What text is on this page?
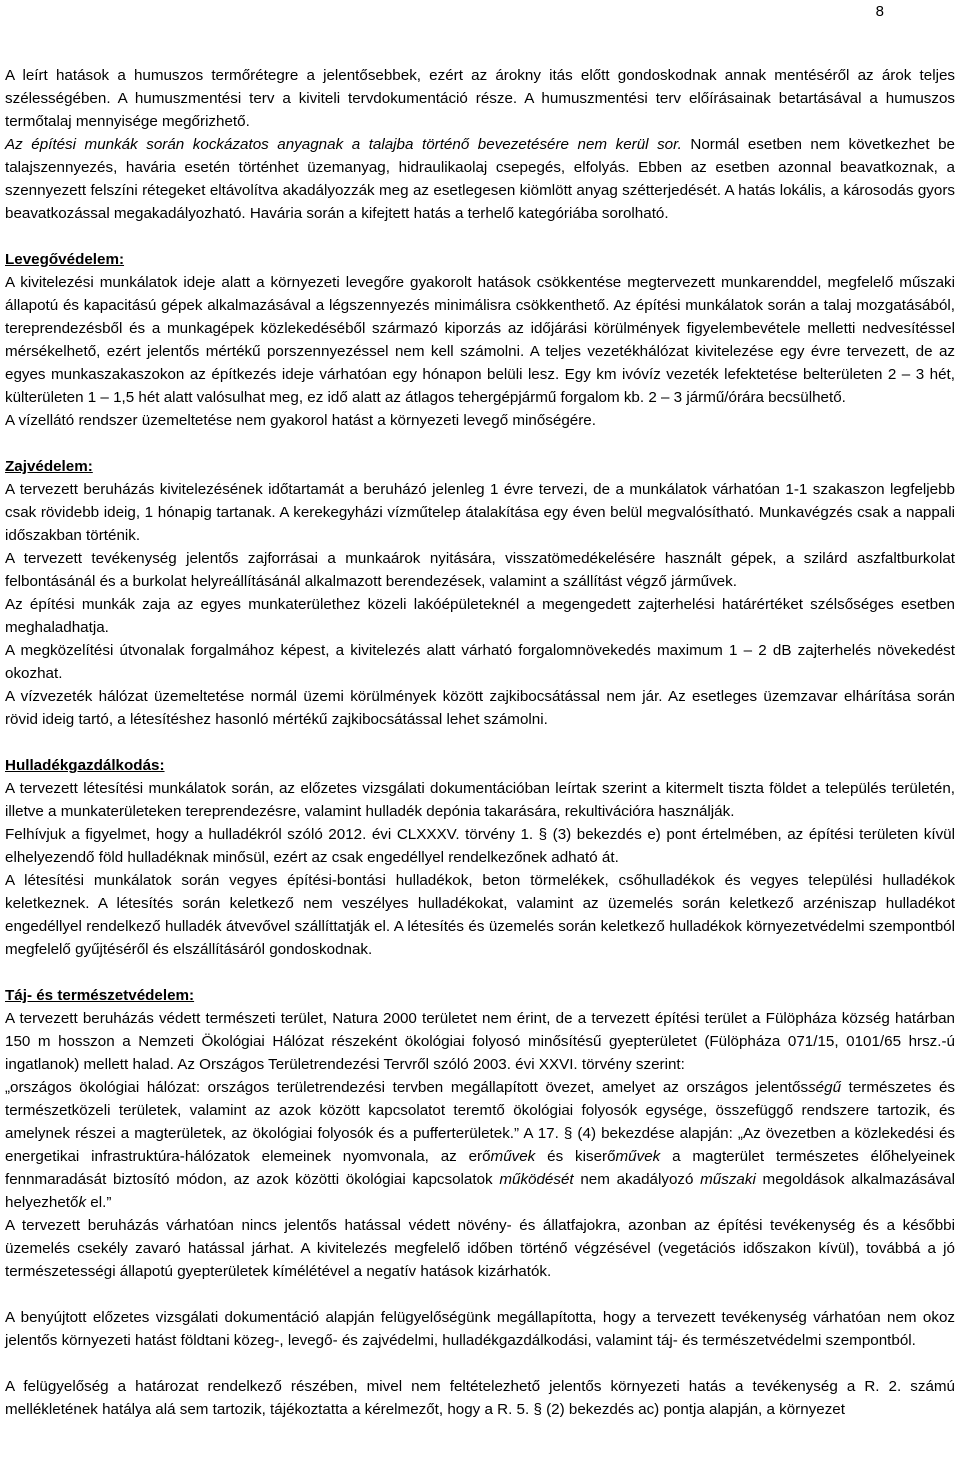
8

A leírt hatások a humuszos termőrétegre a jelentősebbek, ezért az árokny itás előtt gondoskodnak annak mentéséről az árok teljes szélességében. A humuszmentési terv a kiviteli tervdokumentáció része. A humuszmentési terv előírásainak betartásával a humuszos termőtalaj mennyisége megőrizhető.

Az építési munkák során kockázatos anyagnak a talajba történő bevezetésére nem kerül sor. Normál esetben nem következhet be talajszennyezés, havária esetén történhet üzemanyag, hidraulikaolaj csepegés, elfolyás. Ebben az esetben azonnal beavatkoznak, a szennyezett felszíni rétegeket eltávolítva akadályozzák meg az esetlegesen kiömlött anyag szétterjedését. A hatás lokális, a károsodás gyors beavatkozással megakadályozható. Havária során a kifejtett hatás a terhelő kategóriába sorolható.

Levegővédelem:

A kivitelezési munkálatok ideje alatt a környezeti levegőre gyakorolt hatások csökkentése megtervezett munkarenddel, megfelelő műszaki állapotú és kapacitású gépek alkalmazásával a légszennyezés minimálisra csökkenthető. Az építési munkálatok során a talaj mozgatásából, tereprendezésből és a munkagépek közlekedéséből származó kiporzás az időjárási körülmények figyelembevétele melletti nedvesítéssel mérsékelhető, ezért jelentős mértékű porszennyezéssel nem kell számolni. A teljes vezetékhálózat kivitelezése egy évre tervezett, de az egyes munkaszakaszokon az építkezés ideje várhatóan egy hónapon belüli lesz. Egy km ivóvíz vezeték lefektetése belterületen 2 – 3 hét, külterületen 1 – 1,5 hét alatt valósulhat meg, ez idő alatt az átlagos tehergépjármű forgalom kb. 2 – 3 jármű/órára becsülhető.

A vízellátó rendszer üzemeltetése nem gyakorol hatást a környezeti levegő minőségére.

Zajvédelem:

A tervezett beruházás kivitelezésének időtartamát a beruházó jelenleg 1 évre tervezi, de a munkálatok várhatóan 1-1 szakaszon legfeljebb csak rövidebb ideig, 1 hónapig tartanak. A kerekegyházi vízműtelep átalakítása egy éven belül megvalósítható. Munkavégzés csak a nappali időszakban történik.

A tervezett tevékenység jelentős zajforrásai a munkaárok nyitására, visszatömedékelésére használt gépek, a szilárd aszfaltburkolat felbontásánál és a burkolat helyreállításánál alkalmazott berendezések, valamint a szállítást végző járművek.

Az építési munkák zaja az egyes munkaterülethez közeli lakóépületeknél a megengedett zajterhelési határértéket szélsőséges esetben meghaladhatja.

A megközelítési útvonalak forgalmához képest, a kivitelezés alatt várható forgalomnövekedés maximum 1 – 2 dB zajterhelés növekedést okozhat.

A vízvezeték hálózat üzemeltetése normál üzemi körülmények között zajkibocsátással nem jár. Az esetleges üzemzavar elhárítása során rövid ideig tartó, a létesítéshez hasonló mértékű zajkibocsátással lehet számolni.

Hulladékgazdálkodás:

A tervezett létesítési munkálatok során, az előzetes vizsgálati dokumentációban leírtak szerint a kitermelt tiszta földet a település területén, illetve a munkaterületeken tereprendezésre, valamint hulladék depónia takarására, rekultivációra használják.

Felhívjuk a figyelmet, hogy a hulladékról szóló 2012. évi CLXXXV. törvény 1. § (3) bekezdés e) pont értelmében, az építési területen kívül elhelyezendő föld hulladéknak minősül, ezért az csak engedéllyel rendelkezőnek adható át.

A létesítési munkálatok során vegyes építési-bontási hulladékok, beton törmelékek, csőhulladékok és vegyes települési hulladékok keletkeznek. A létesítés során keletkező nem veszélyes hulladékokat, valamint az üzemelés során keletkező arzéniszap hulladékot engedéllyel rendelkező hulladék átvevővel szállíttatják el. A létesítés és üzemelés során keletkező hulladékok környezetvédelmi szempontból megfelelő gyűjtéséről és elszállításáról gondoskodnak.

Táj- és természetvédelem:

A tervezett beruházás védett természeti terület, Natura 2000 területet nem érint, de a tervezett építési terület a Fülöpháza község határban 150 m hosszon a Nemzeti Ökológiai Hálózat részeként ökológiai folyosó minősítésű gyepterületet (Fülöpháza 071/15, 0101/65 hrsz.-ú ingatlanok) mellett halad. Az Országos Területrendezési Tervről szóló 2003. évi XXVI. törvény szerint:

„országos ökológiai hálózat: országos területrendezési tervben megállapított övezet, amelyet az országos jelentősségű természetes és természetközeli területek, valamint az azok között kapcsolatot teremtő ökológiai folyosók egysége, összefüggő rendszere tartozik, és amelynek részei a magterületek, az ökológiai folyosók és a pufferterületek.” A 17. § (4) bekezdése alapján: „Az övezetben a közlekedési és energetikai infrastruktúra-hálózatok elemeinek nyomvonala, az erőművek és kiserőművek a magterület természetes élőhelyeinek fennmaradását biztosító módon, az azok közötti ökológiai kapcsolatok működését nem akadályozó műszaki megoldások alkalmazásával helyezhetők el.”

A tervezett beruházás várhatóan nincs jelentős hatással védett növény- és állatfajokra, azonban az építési tevékenység és a későbbi üzemelés csekély zavaró hatással járhat. A kivitelezés megfelelő időben történő végzésével (vegetációs időszakon kívül), továbbá a jó természetességi állapotú gyepterületek kímélétével a negatív hatások kizárhatók.

A benyújtott előzetes vizsgálati dokumentáció alapján felügyelőségünk megállapította, hogy a tervezett tevékenység várhatóan nem okoz jelentős környezeti hatást földtani közeg-, levegő- és zajvédelmi, hulladékgazdálkodási, valamint táj- és természetvédelmi szempontból.

A felügyelőség a határozat rendelkező részében, mivel nem feltételezhető jelentős környezeti hatás a tevékenység a R. 2. számú mellékletének hatálya alá sem tartozik, tájékoztatta a kérelmezőt, hogy a R. 5. § (2) bekezdés ac) pontja alapján, a környezet
